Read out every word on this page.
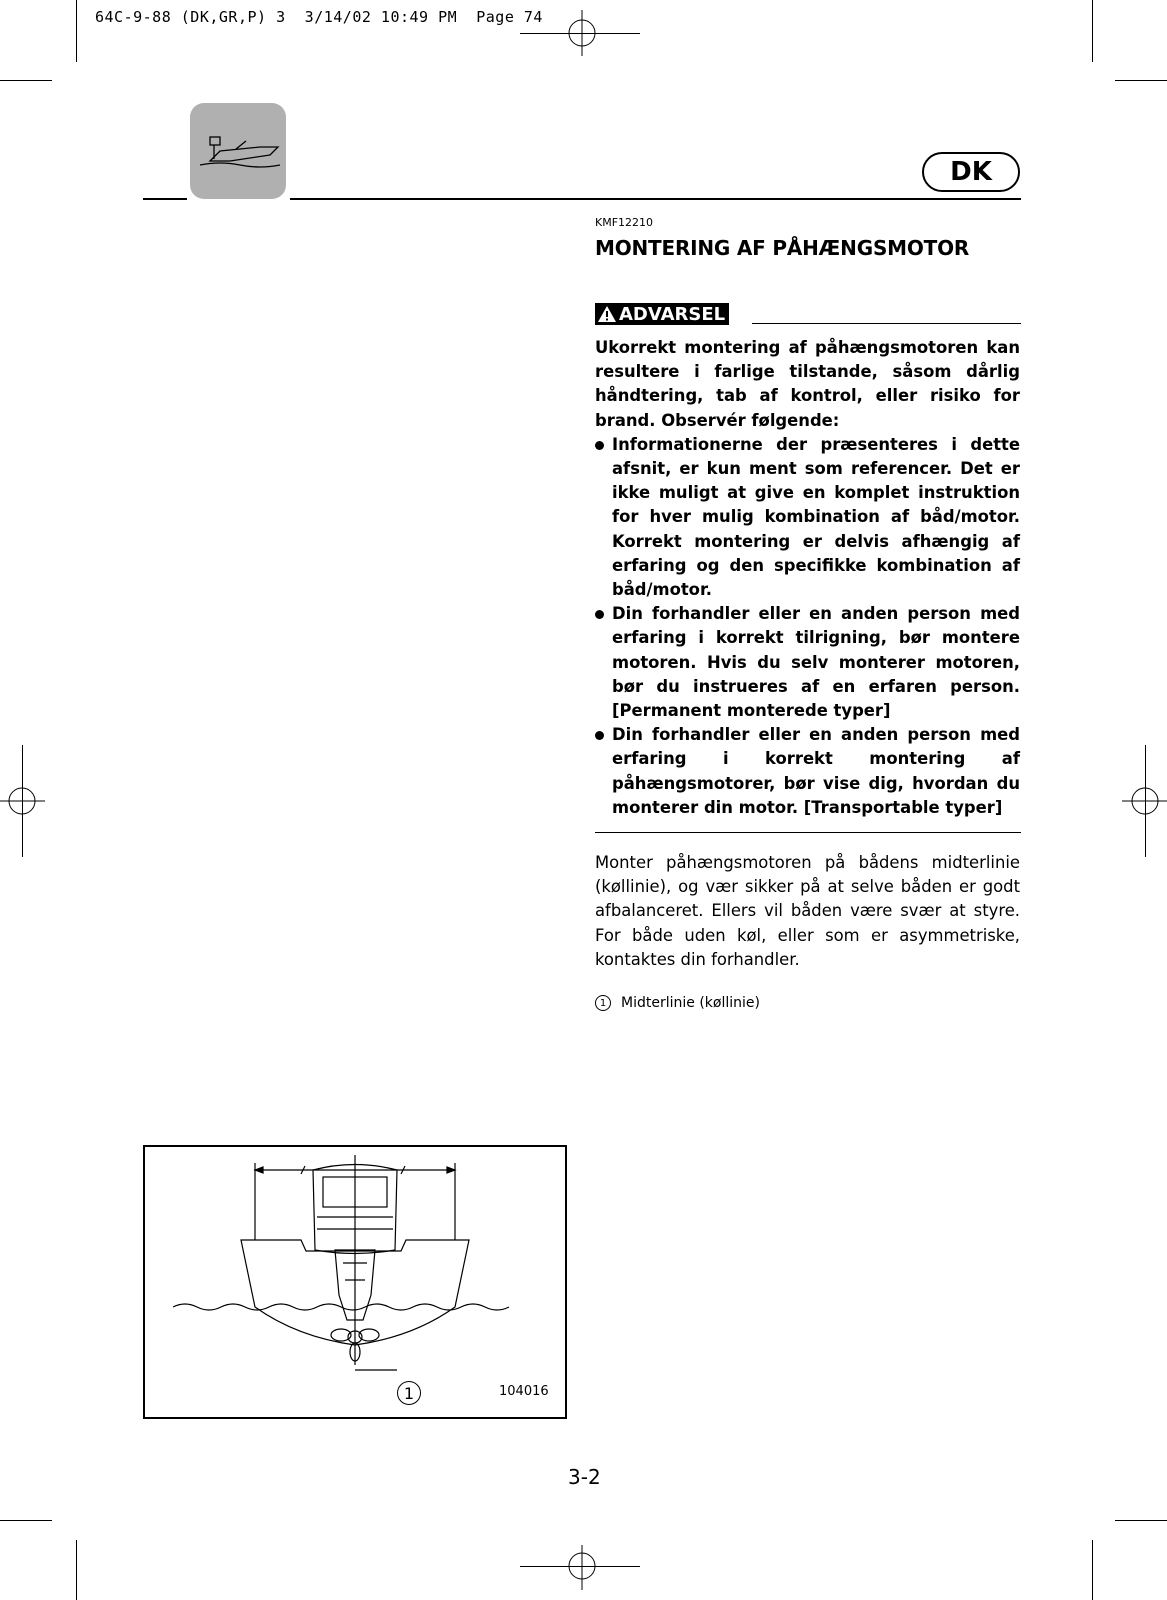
64C-9-88 (DK,GR,P) 3  3/14/02 10:49 PM  Page 74
DK
KMF12210
MONTERING AF PÅHÆNGSMOTOR
ADVARSEL

Ukorrekt montering af påhængsmotoren kan resultere i farlige tilstande, såsom dårlig håndtering, tab af kontrol, eller risiko for brand. Observér følgende:

Informationerne der præsenteres i dette afsnit, er kun ment som referencer. Det er ikke muligt at give en komplet instruktion for hver mulig kombination af båd/motor. Korrekt montering er delvis afhængig af erfaring og den specifikke kombination af båd/motor.

Din forhandler eller en anden person med erfaring i korrekt tilrigning, bør montere motoren. Hvis du selv monterer motoren, bør du instrueres af en erfaren person. [Permanent monterede typer]

Din forhandler eller en anden person med erfaring i korrekt montering af påhængsmotorer, bør vise dig, hvordan du monterer din motor. [Transportable typer]

Monter påhængsmotoren på bådens midterlinie (køllinie), og vær sikker på at selve båden er godt afbalanceret. Ellers vil båden være svær at styre. For både uden køl, eller som er asymmetriske, kontaktes din forhandler.

1	Midterlinie (køllinie)
1	104016
3-2
